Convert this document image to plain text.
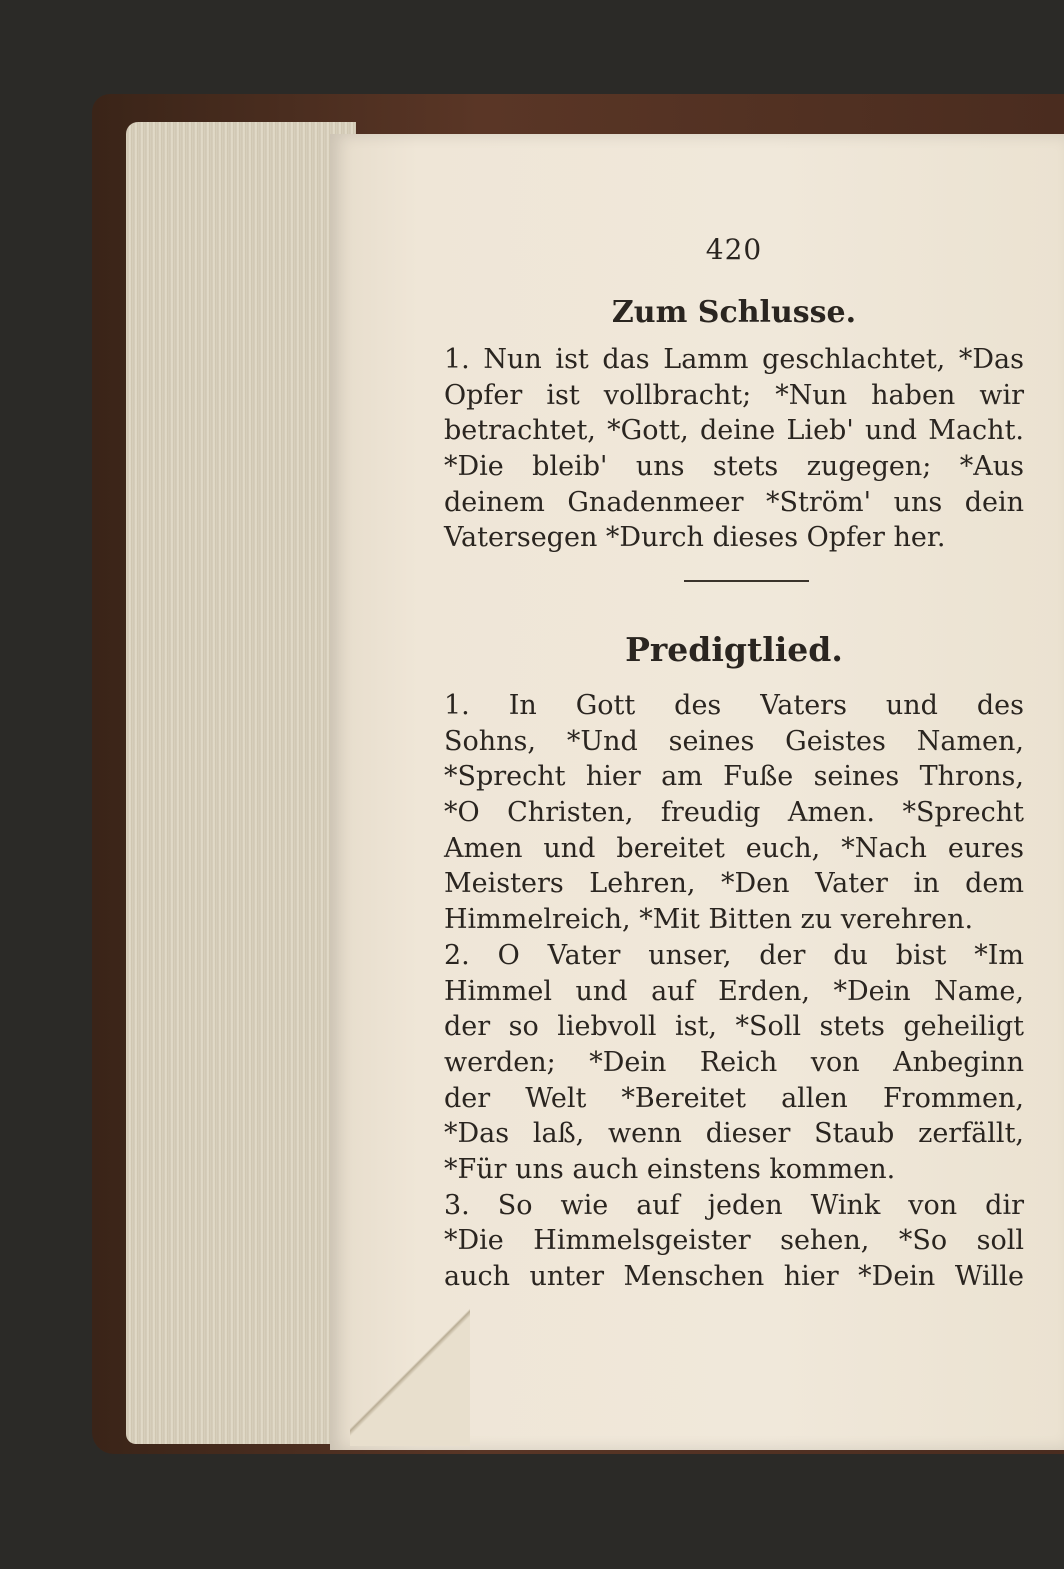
420
Zum Schlusse.
1. Nun ist das Lamm geschlachtet, *Das
Opfer ist vollbracht; *Nun haben wir
betrachtet, *Gott, deine Lieb' und Macht.
*Die bleib' uns stets zugegen; *Aus
deinem Gnadenmeer *Ström' uns dein
Vatersegen *Durch dieses Opfer her.
Predigtlied.
1. In Gott des Vaters und des
Sohns, *Und seines Geistes Namen,
*Sprecht hier am Fuße seines Throns,
*O Christen, freudig Amen. *Sprecht
Amen und bereitet euch, *Nach eures
Meisters Lehren, *Den Vater in dem
Himmelreich, *Mit Bitten zu verehren.
2. O Vater unser, der du bist *Im
Himmel und auf Erden, *Dein Name,
der so liebvoll ist, *Soll stets geheiligt
werden; *Dein Reich von Anbeginn
der Welt *Bereitet allen Frommen,
*Das laß, wenn dieser Staub zerfällt,
*Für uns auch einstens kommen.
3. So wie auf jeden Wink von dir
*Die Himmelsgeister sehen, *So soll
auch unter Menschen hier *Dein Wille
